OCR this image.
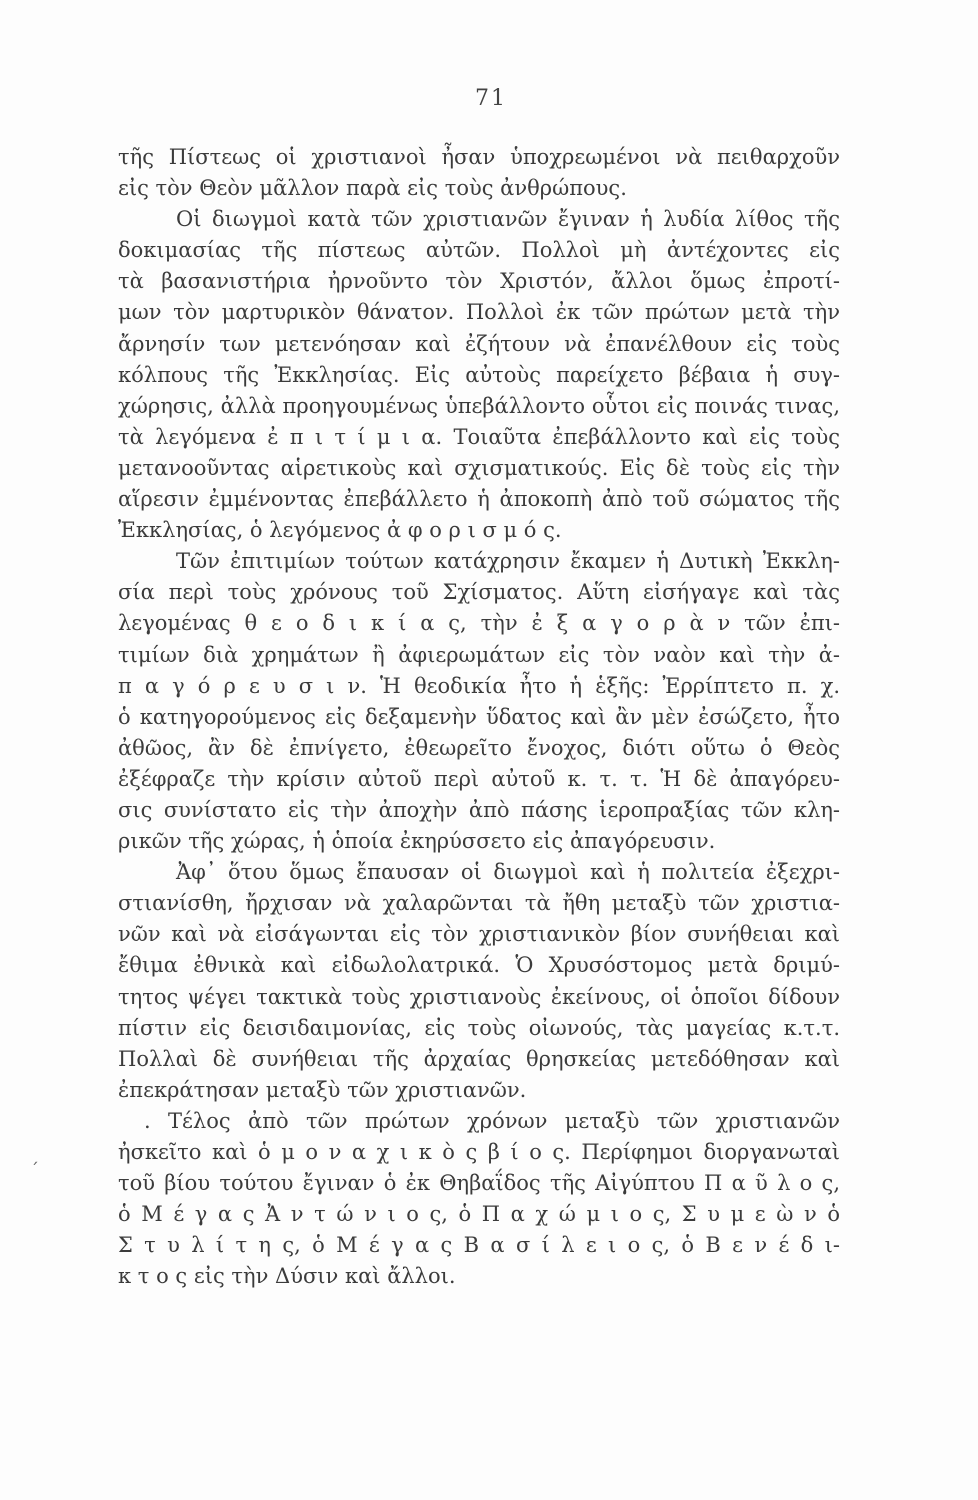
71
´
τῆς Πίστεως οἱ χριστιανοὶ ἦσαν ὑποχρεωμένοι νὰ πειθαρχοῦν
εἰς τὸν Θεὸν μᾶλλον παρὰ εἰς τοὺς ἀνθρώπους.
Οἱ διωγμοὶ κατὰ τῶν χριστιανῶν ἔγιναν ἡ λυδία λίθος τῆς
δοκιμασίας τῆς πίστεως αὐτῶν. Πολλοὶ μὴ ἀντέχοντες εἰς
τὰ βασανιστήρια ἠρνοῦντο τὸν Χριστόν, ἄλλοι ὅμως ἐπροτί-
μων τὸν μαρτυρικὸν θάνατον. Πολλοὶ ἐκ τῶν πρώτων μετὰ τὴν
ἄρνησίν των μετενόησαν καὶ ἐζήτουν νὰ ἐπανέλθουν εἰς τοὺς
κόλπους τῆς Ἐκκλησίας. Εἰς αὐτοὺς παρείχετο βέβαια ἡ συγ-
χώρησις, ἀλλὰ προηγουμένως ὑπεβάλλοντο οὗτοι εἰς ποινάς τινας,
τὰ λεγόμενα ἐ π ι τ ί μ ι α. Τοιαῦτα ἐπεβάλλοντο καὶ εἰς τοὺς
μετανοοῦντας αἱρετικοὺς καὶ σχισματικούς. Εἰς δὲ τοὺς εἰς τὴν
αἵρεσιν ἐμμένοντας ἐπεβάλλετο ἡ ἀποκοπὴ ἀπὸ τοῦ σώματος τῆς
Ἐκκλησίας, ὁ λεγόμενος ἀ φ ο ρ ι σ μ ό ς.
Τῶν ἐπιτιμίων τούτων κατάχρησιν ἔκαμεν ἡ Δυτικὴ Ἐκκλη-
σία περὶ τοὺς χρόνους τοῦ Σχίσματος. Αὕτη εἰσήγαγε καὶ τὰς
λεγομένας θ ε ο δ ι κ ί α ς, τὴν ἐ ξ α γ ο ρ ὰ ν τῶν ἐπι-
τιμίων διὰ χρημάτων ἢ ἀφιερωμάτων εἰς τὸν ναὸν καὶ τὴν ἀ-
π α γ ό ρ ε υ σ ι ν. Ἡ θεοδικία ἦτο ἡ ἑξῆς: Ἐρρίπτετο π. χ.
ὁ κατηγορούμενος εἰς δεξαμενὴν ὕδατος καὶ ἂν μὲν ἐσώζετο, ἦτο
ἀθῶος, ἂν δὲ ἐπνίγετο, ἐθεωρεῖτο ἔνοχος, διότι οὕτω ὁ Θεὸς
ἐξέφραζε τὴν κρίσιν αὐτοῦ περὶ αὐτοῦ κ. τ. τ. Ἡ δὲ ἀπαγόρευ-
σις συνίστατο εἰς τὴν ἀποχὴν ἀπὸ πάσης ἱεροπραξίας τῶν κλη-
ρικῶν τῆς χώρας, ἡ ὁποία ἐκηρύσσετο εἰς ἀπαγόρευσιν.
Ἀφ᾽ ὅτου ὅμως ἔπαυσαν οἱ διωγμοὶ καὶ ἡ πολιτεία ἐξεχρι-
στιανίσθη, ἤρχισαν νὰ χαλαρῶνται τὰ ἤθη μεταξὺ τῶν χριστια-
νῶν καὶ νὰ εἰσάγωνται εἰς τὸν χριστιανικὸν βίον συνήθειαι καὶ
ἔθιμα ἐθνικὰ καὶ εἰδωλολατρικά. Ὁ Χρυσόστομος μετὰ δριμύ-
τητος ψέγει τακτικὰ τοὺς χριστιανοὺς ἐκείνους, οἱ ὁποῖοι δίδουν
πίστιν εἰς δεισιδαιμονίας, εἰς τοὺς οἰωνούς, τὰς μαγείας κ.τ.τ.
Πολλαὶ δὲ συνήθειαι τῆς ἀρχαίας θρησκείας μετεδόθησαν καὶ
ἐπεκράτησαν μεταξὺ τῶν χριστιανῶν.
. Τέλος ἀπὸ τῶν πρώτων χρόνων μεταξὺ τῶν χριστιανῶν
ἠσκεῖτο καὶ ὁ μ ο ν α χ ι κ ὸ ς β ί ο ς. Περίφημοι διοργανωταὶ
τοῦ βίου τούτου ἔγιναν ὁ ἐκ Θηβαΐδος τῆς Αἰγύπτου Π α ῦ λ ο ς,
ὁ Μ έ γ α ς Ἀ ν τ ώ ν ι ο ς, ὁ Π α χ ώ μ ι ο ς, Σ υ μ ε ὼ ν ὁ
Σ τ υ λ ί τ η ς, ὁ Μ έ γ α ς Β α σ ί λ ε ι ο ς, ὁ Β ε ν έ δ ι-
κ τ ο ς εἰς τὴν Δύσιν καὶ ἄλλοι.
